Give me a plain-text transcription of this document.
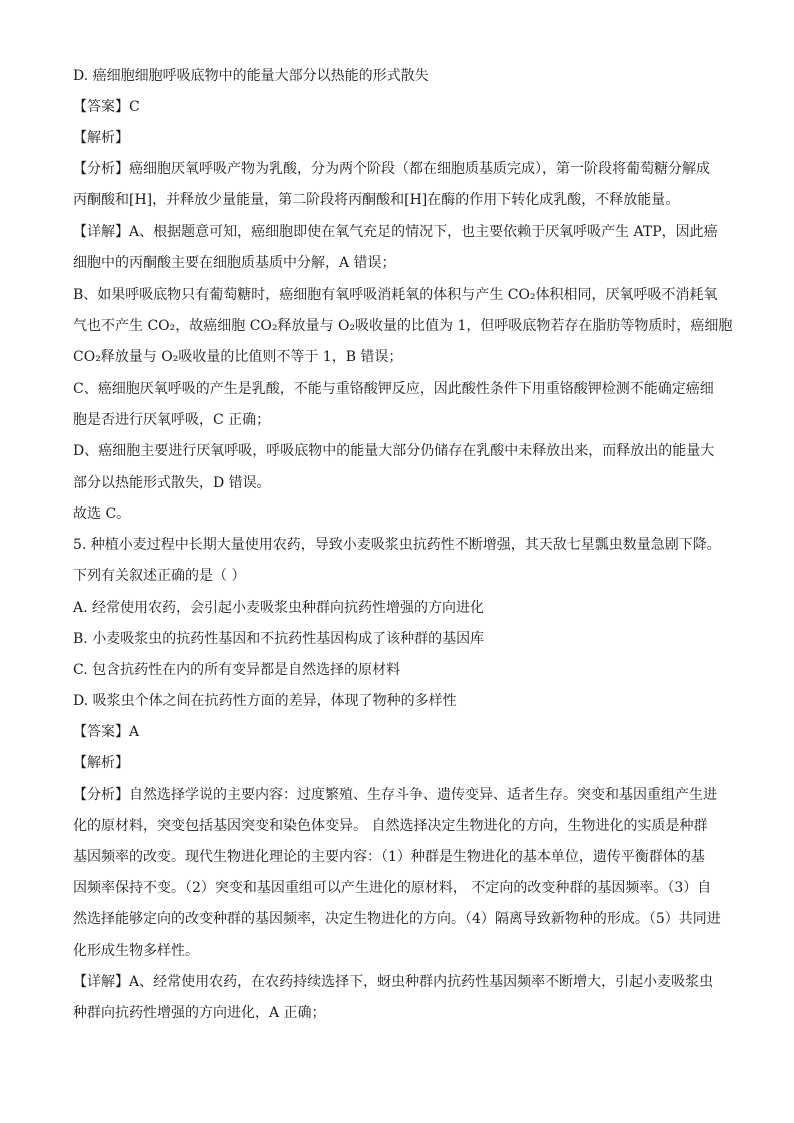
D. 癌细胞细胞呼吸底物中的能量大部分以热能的形式散失
【答案】C
【解析】
【分析】癌细胞厌氧呼吸产物为乳酸，分为两个阶段（都在细胞质基质完成），第一阶段将葡萄糖分解成
丙酮酸和[H]，并释放少量能量，第二阶段将丙酮酸和[H]在酶的作用下转化成乳酸，不释放能量。
【详解】A、根据题意可知，癌细胞即使在氧气充足的情况下，也主要依赖于厌氧呼吸产生 ATP，因此癌
细胞中的丙酮酸主要在细胞质基质中分解，A 错误；
B、如果呼吸底物只有葡萄糖时，癌细胞有氧呼吸消耗氧的体积与产生 CO₂体积相同，厌氧呼吸不消耗氧
气也不产生 CO₂，故癌细胞 CO₂释放量与 O₂吸收量的比值为 1，但呼吸底物若存在脂肪等物质时，癌细胞
CO₂释放量与 O₂吸收量的比值则不等于 1，B 错误；
C、癌细胞厌氧呼吸的产生是乳酸，不能与重铬酸钾反应，因此酸性条件下用重铬酸钾检测不能确定癌细
胞是否进行厌氧呼吸，C 正确；
D、癌细胞主要进行厌氧呼吸，呼吸底物中的能量大部分仍储存在乳酸中未释放出来，而释放出的能量大
部分以热能形式散失，D 错误。
故选 C。
5. 种植小麦过程中长期大量使用农药，导致小麦吸浆虫抗药性不断增强，其天敌七星瓢虫数量急剧下降。
下列有关叙述正确的是（ ）
A. 经常使用农药，会引起小麦吸浆虫种群向抗药性增强的方向进化
B. 小麦吸浆虫的抗药性基因和不抗药性基因构成了该种群的基因库
C. 包含抗药性在内的所有变异都是自然选择的原材料
D. 吸浆虫个体之间在抗药性方面的差异，体现了物种的多样性
【答案】A
【解析】
【分析】自然选择学说的主要内容：过度繁殖、生存斗争、遗传变异、适者生存。突变和基因重组产生进
化的原材料，突变包括基因突变和染色体变异。 自然选择决定生物进化的方向，生物进化的实质是种群
基因频率的改变。现代生物进化理论的主要内容：（1）种群是生物进化的基本单位，遗传平衡群体的基
因频率保持不变。（2）突变和基因重组可以产生进化的原材料， 不定向的改变种群的基因频率。（3）自
然选择能够定向的改变种群的基因频率，决定生物进化的方向。（4）隔离导致新物种的形成。（5）共同进
化形成生物多样性。
【详解】A、经常使用农药，在农药持续选择下，蚜虫种群内抗药性基因频率不断增大，引起小麦吸浆虫
种群向抗药性增强的方向进化，A 正确；
